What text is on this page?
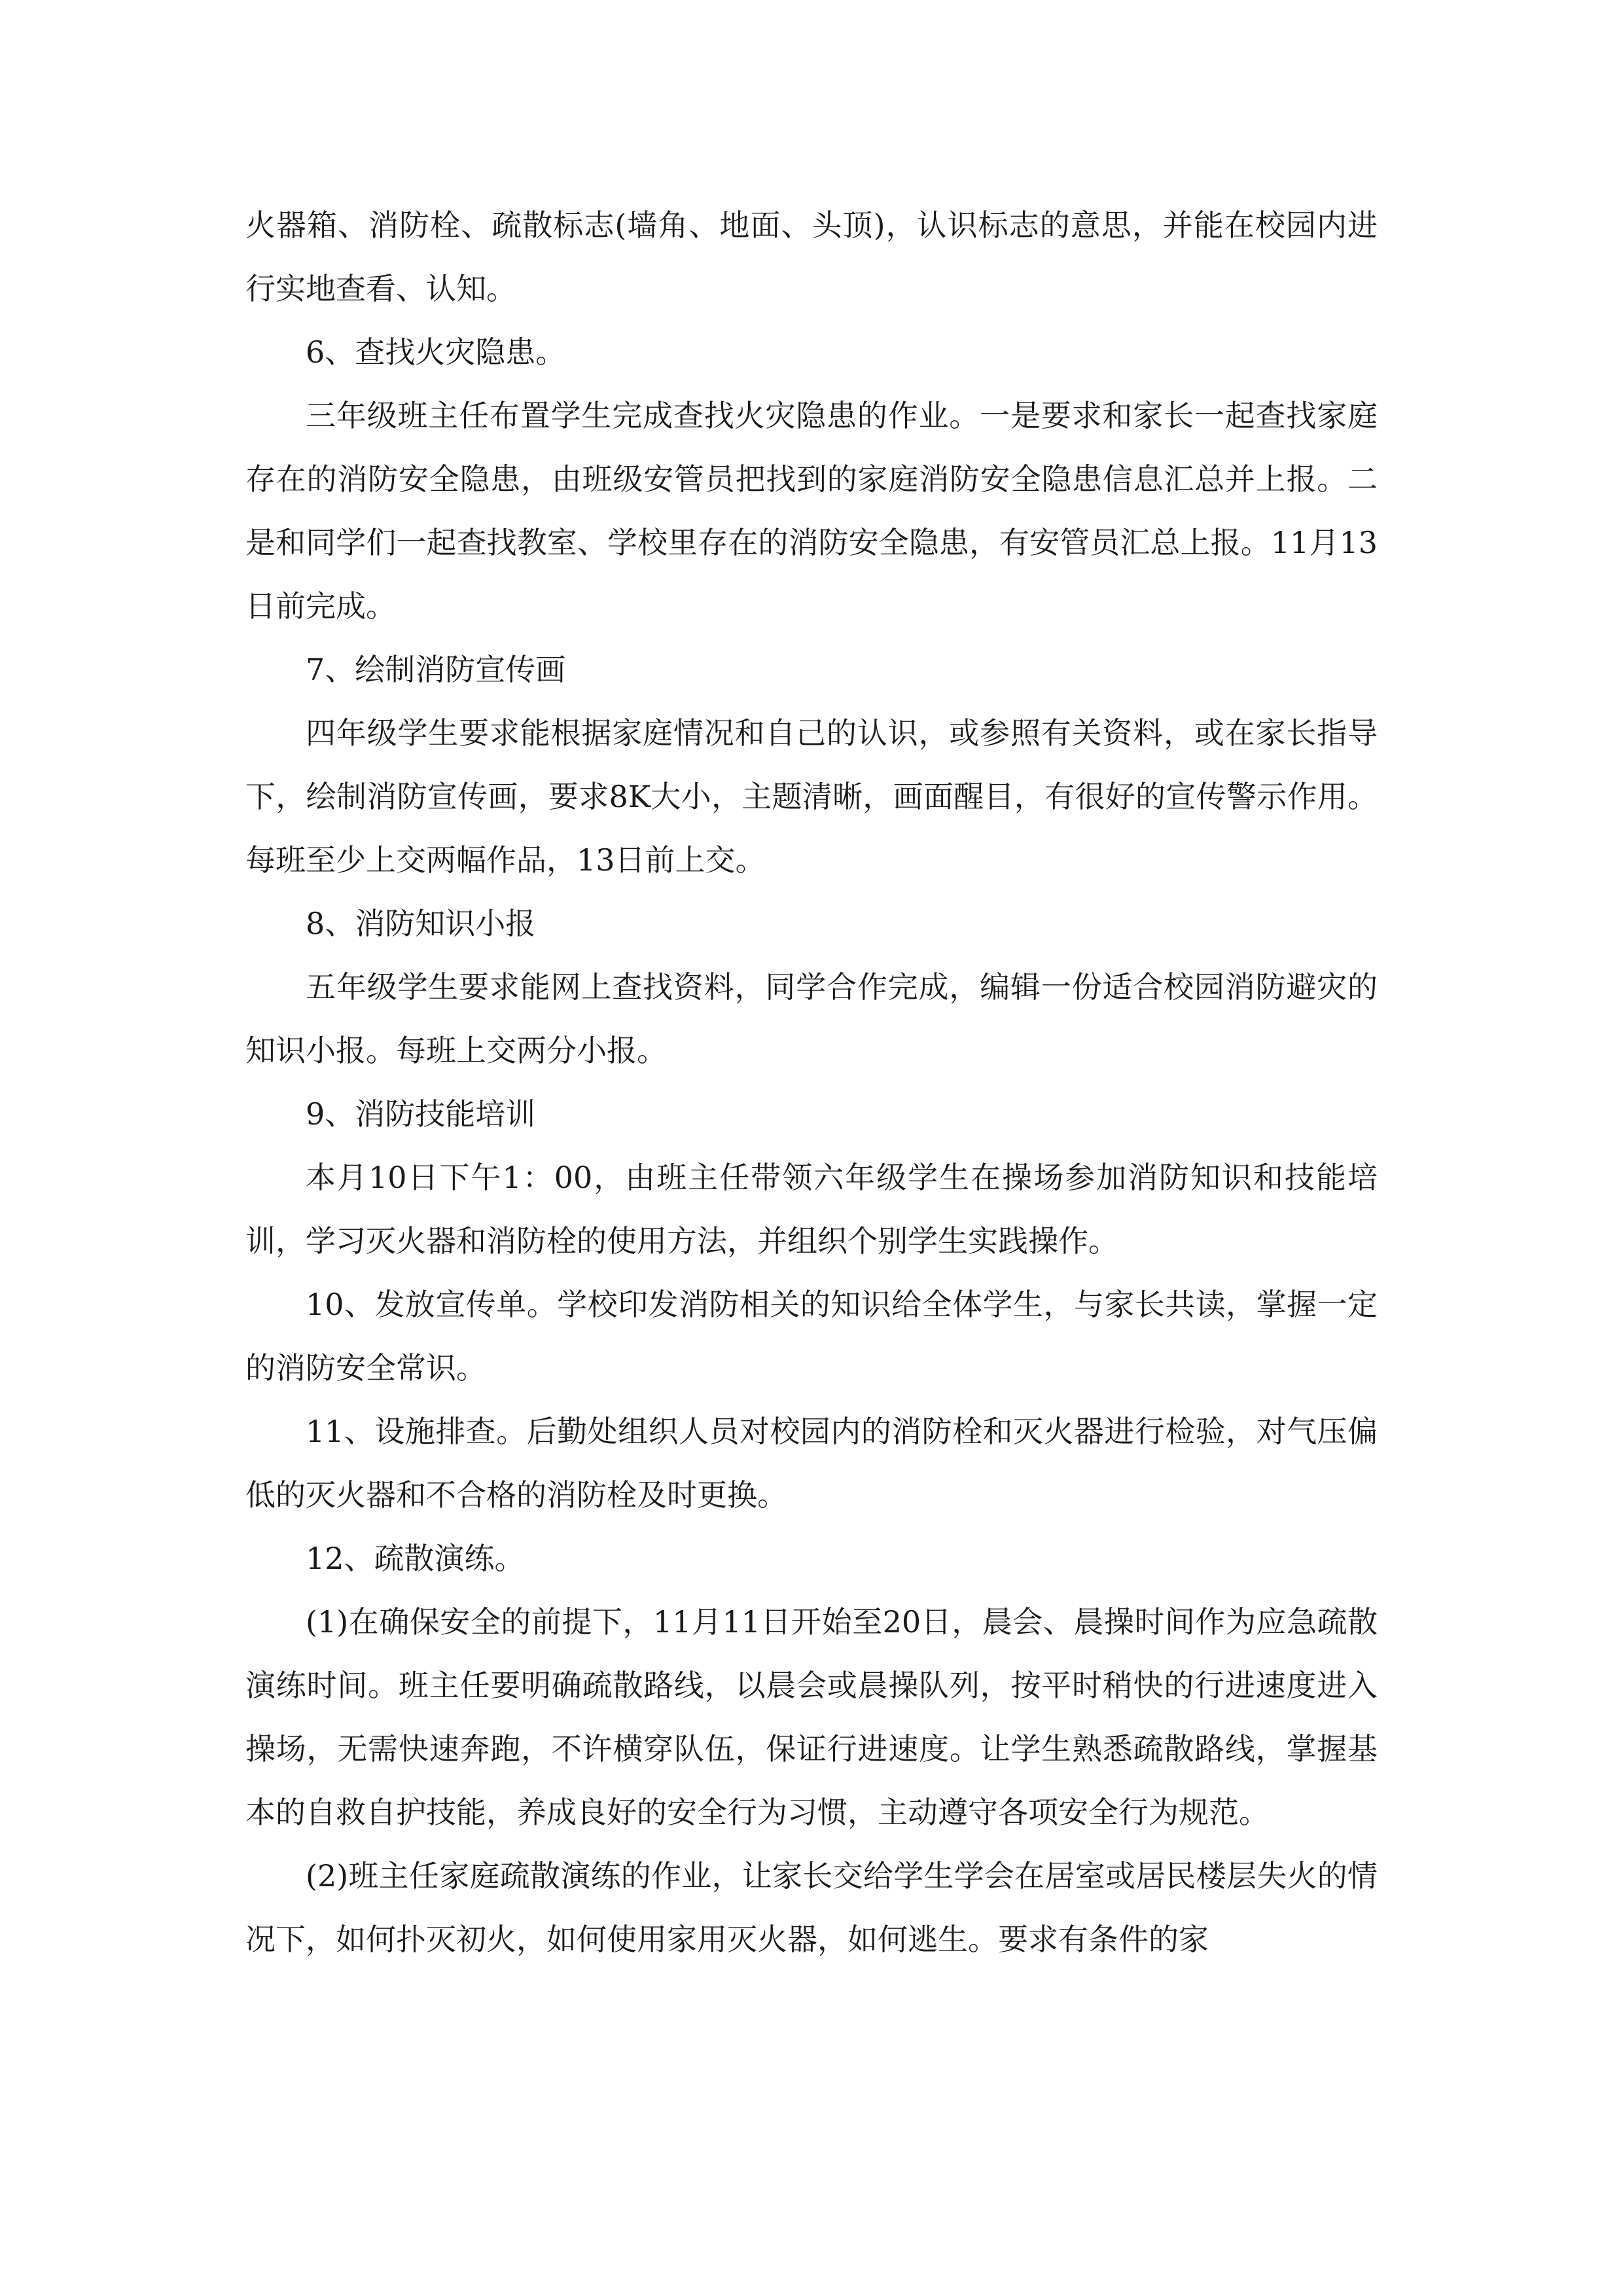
火器箱、消防栓、疏散标志(墙角、地面、头顶)，认识标志的意思，并能在校园内进行实地查看、认知。

6、查找火灾隐患。

三年级班主任布置学生完成查找火灾隐患的作业。一是要求和家长一起查找家庭存在的消防安全隐患，由班级安管员把找到的家庭消防安全隐患信息汇总并上报。二是和同学们一起查找教室、学校里存在的消防安全隐患，有安管员汇总上报。11月13日前完成。

7、绘制消防宣传画

四年级学生要求能根据家庭情况和自己的认识，或参照有关资料，或在家长指导下，绘制消防宣传画，要求8K大小，主题清晰，画面醒目，有很好的宣传警示作用。每班至少上交两幅作品，13日前上交。

8、消防知识小报

五年级学生要求能网上查找资料，同学合作完成，编辑一份适合校园消防避灾的知识小报。每班上交两分小报。

9、消防技能培训

本月10日下午1：00，由班主任带领六年级学生在操场参加消防知识和技能培训，学习灭火器和消防栓的使用方法，并组织个别学生实践操作。

10、发放宣传单。学校印发消防相关的知识给全体学生，与家长共读，掌握一定的消防安全常识。

11、设施排查。后勤处组织人员对校园内的消防栓和灭火器进行检验，对气压偏低的灭火器和不合格的消防栓及时更换。

12、疏散演练。

(1)在确保安全的前提下，11月11日开始至20日，晨会、晨操时间作为应急疏散演练时间。班主任要明确疏散路线，以晨会或晨操队列，按平时稍快的行进速度进入操场，无需快速奔跑，不许横穿队伍，保证行进速度。让学生熟悉疏散路线，掌握基本的自救自护技能，养成良好的安全行为习惯，主动遵守各项安全行为规范。

(2)班主任家庭疏散演练的作业，让家长交给学生学会在居室或居民楼层失火的情况下，如何扑灭初火，如何使用家用灭火器，如何逃生。要求有条件的家
